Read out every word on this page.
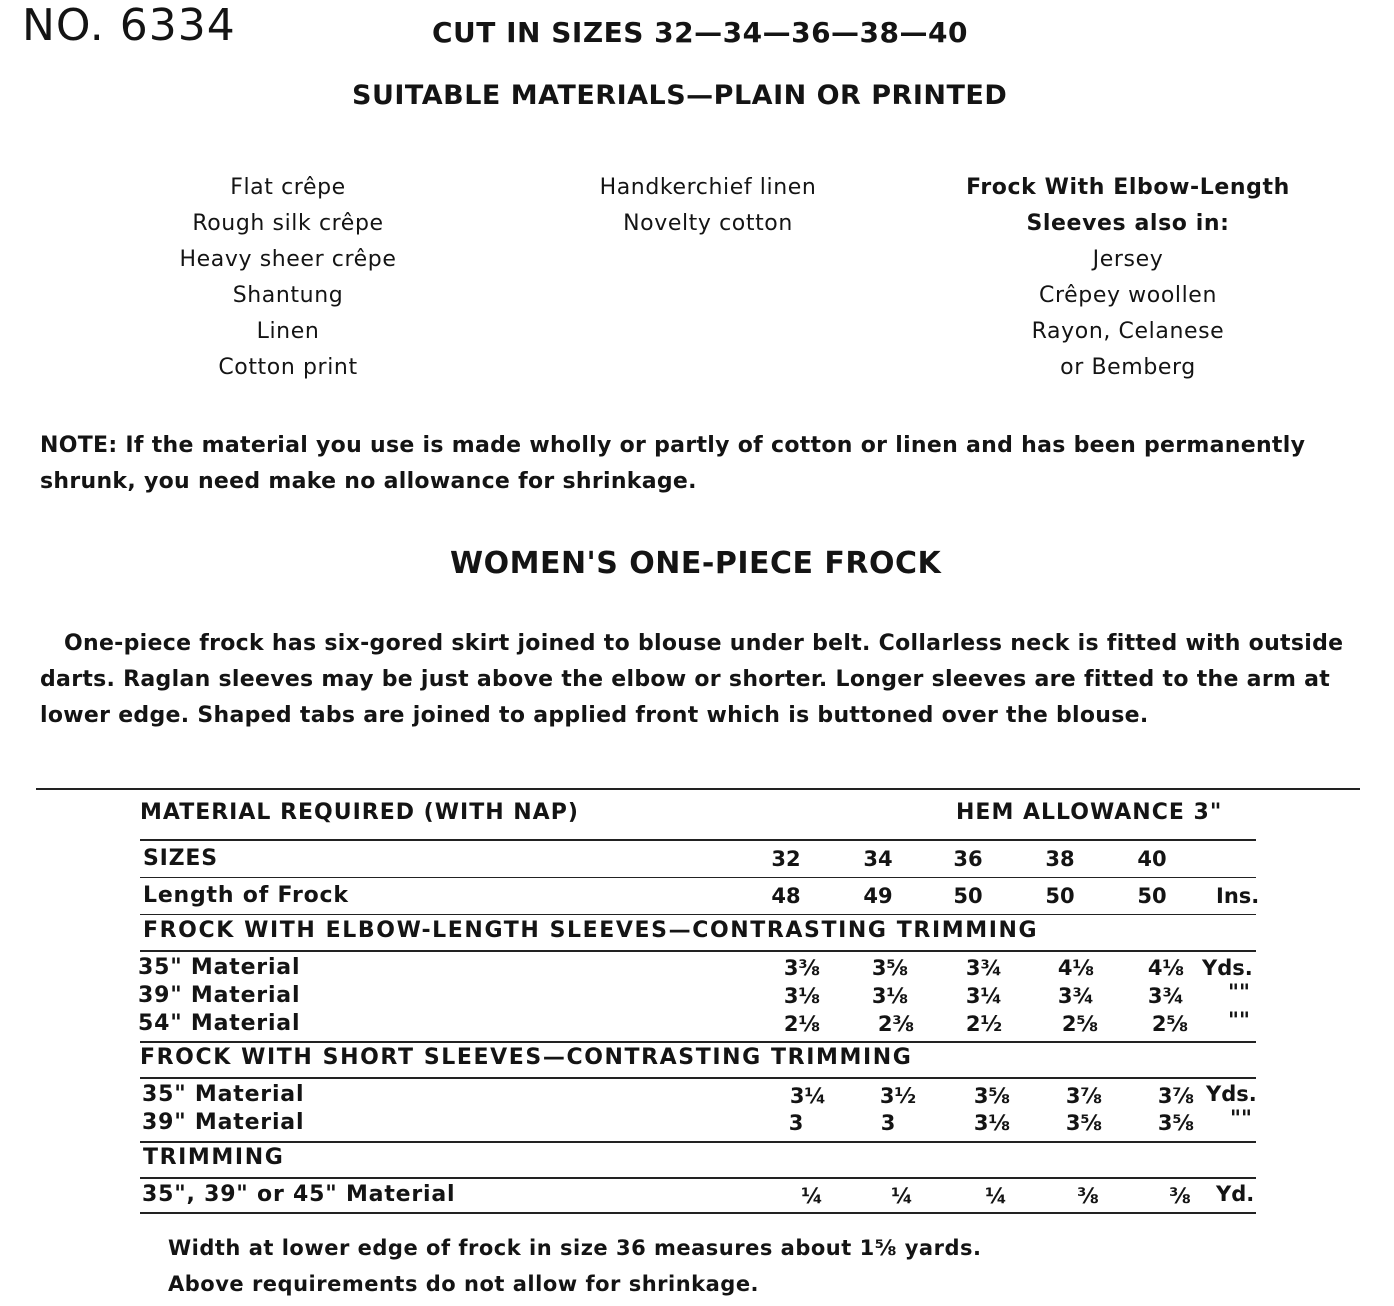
NO. 6334	CUT IN SIZES 32—34—36—38—40
SUITABLE MATERIALS—PLAIN OR PRINTED
Flat crêpe
Rough silk crêpe
Heavy sheer crêpe
Shantung
Linen
Cotton print
Handkerchief linen
Novelty cotton
Frock With Elbow-Length
Sleeves also in:
Jersey
Crêpey woollen
Rayon, Celanese
or Bemberg
NOTE: If the material you use is made wholly or partly of cotton or linen and has been permanently shrunk, you need make no allowance for shrinkage.
WOMEN'S ONE-PIECE FROCK
One-piece frock has six-gored skirt joined to blouse under belt. Collarless neck is fitted with outside darts. Raglan sleeves may be just above the elbow or shorter. Longer sleeves are fitted to the arm at lower edge. Shaped tabs are joined to applied front which is buttoned over the blouse.
MATERIAL REQUIRED (WITH NAP)	HEM ALLOWANCE 3"
SIZES	32	34	36	38	40
Length of Frock	48	49	50	50	50	Ins.
FROCK WITH ELBOW-LENGTH SLEEVES—CONTRASTING TRIMMING
35" Material	3⅜	3⅝	3¾	4⅛	4⅛ Yds.
39" Material	3⅛	3⅛	3¼	3¾	3¾	""
54" Material	2⅛	2⅜	2½	2⅝	2⅝	""
FROCK WITH SHORT SLEEVES—CONTRASTING TRIMMING
35" Material	3¼	3½	3⅝	3⅞	3⅞ Yds.
39" Material	3	3	3⅛	3⅝	3⅝	""
TRIMMING
35", 39" or 45" Material	¼	¼	¼	⅜	⅜	Yd.
Width at lower edge of frock in size 36 measures about 1⅝ yards.
Above requirements do not allow for shrinkage.
